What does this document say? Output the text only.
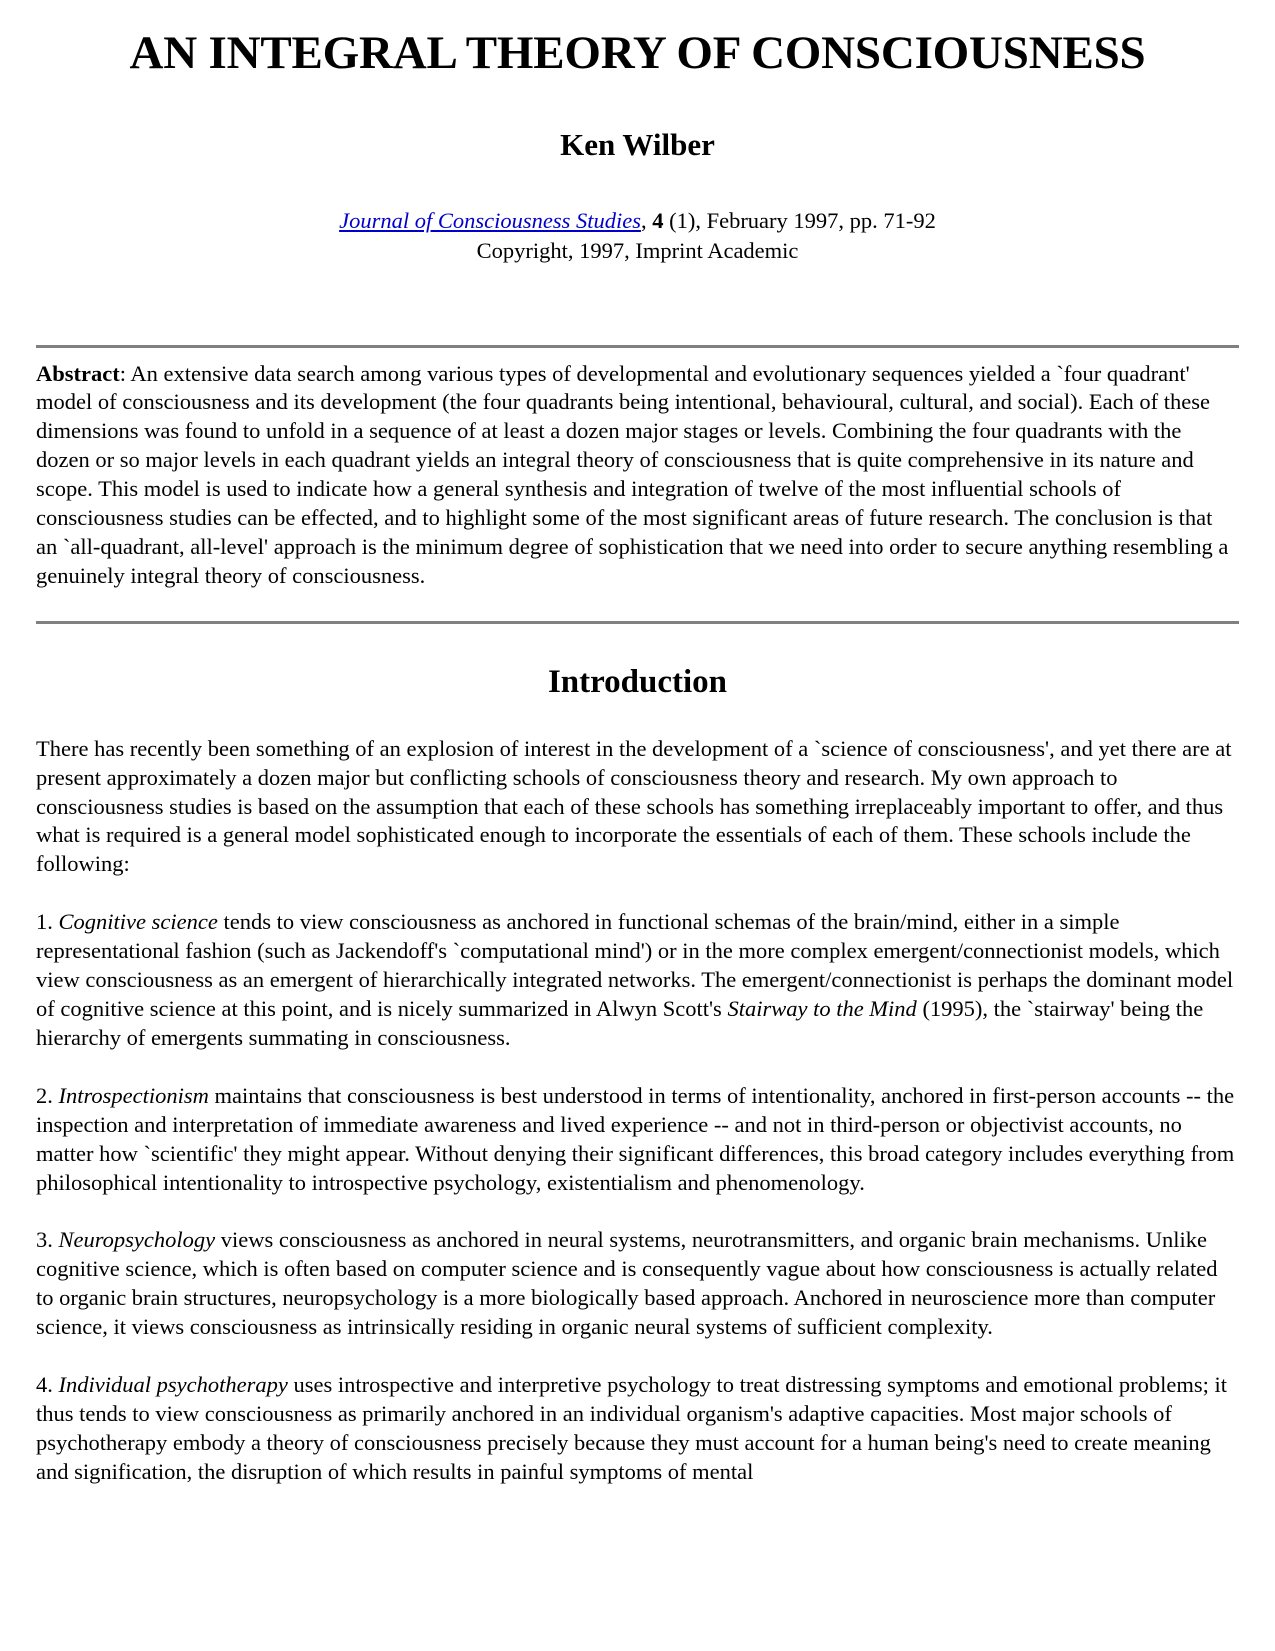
AN INTEGRAL THEORY OF CONSCIOUSNESS
Ken Wilber
Journal of Consciousness Studies, 4 (1), February 1997, pp. 71-92
Copyright, 1997, Imprint Academic

Abstract: An extensive data search among various types of developmental and evolutionary sequences yielded a `four quadrant' model of consciousness and its development (the four quadrants being intentional, behavioural, cultural, and social). Each of these dimensions was found to unfold in a sequence of at least a dozen major stages or levels. Combining the four quadrants with the dozen or so major levels in each quadrant yields an integral theory of consciousness that is quite comprehensive in its nature and scope. This model is used to indicate how a general synthesis and integration of twelve of the most influential schools of consciousness studies can be effected, and to highlight some of the most significant areas of future research. The conclusion is that an `all-quadrant, all-level' approach is the minimum degree of sophistication that we need into order to secure anything resembling a genuinely integral theory of consciousness.

Introduction

There has recently been something of an explosion of interest in the development of a `science of consciousness', and yet there are at present approximately a dozen major but conflicting schools of consciousness theory and research. My own approach to consciousness studies is based on the assumption that each of these schools has something irreplaceably important to offer, and thus what is required is a general model sophisticated enough to incorporate the essentials of each of them. These schools include the following:

1. Cognitive science tends to view consciousness as anchored in functional schemas of the brain/mind, either in a simple representational fashion (such as Jackendoff's `computational mind') or in the more complex emergent/connectionist models, which view consciousness as an emergent of hierarchically integrated networks. The emergent/connectionist is perhaps the dominant model of cognitive science at this point, and is nicely summarized in Alwyn Scott's Stairway to the Mind (1995), the `stairway' being the hierarchy of emergents summating in consciousness.

2. Introspectionism maintains that consciousness is best understood in terms of intentionality, anchored in first-person accounts -- the inspection and interpretation of immediate awareness and lived experience -- and not in third-person or objectivist accounts, no matter how `scientific' they might appear. Without denying their significant differences, this broad category includes everything from philosophical intentionality to introspective psychology, existentialism and phenomenology.

3. Neuropsychology views consciousness as anchored in neural systems, neurotransmitters, and organic brain mechanisms. Unlike cognitive science, which is often based on computer science and is consequently vague about how consciousness is actually related to organic brain structures, neuropsychology is a more biologically based approach. Anchored in neuroscience more than computer science, it views consciousness as intrinsically residing in organic neural systems of sufficient complexity.

4. Individual psychotherapy uses introspective and interpretive psychology to treat distressing symptoms and emotional problems; it thus tends to view consciousness as primarily anchored in an individual organism's adaptive capacities. Most major schools of psychotherapy embody a theory of consciousness precisely because they must account for a human being's need to create meaning and signification, the disruption of which results in painful symptoms of mental
